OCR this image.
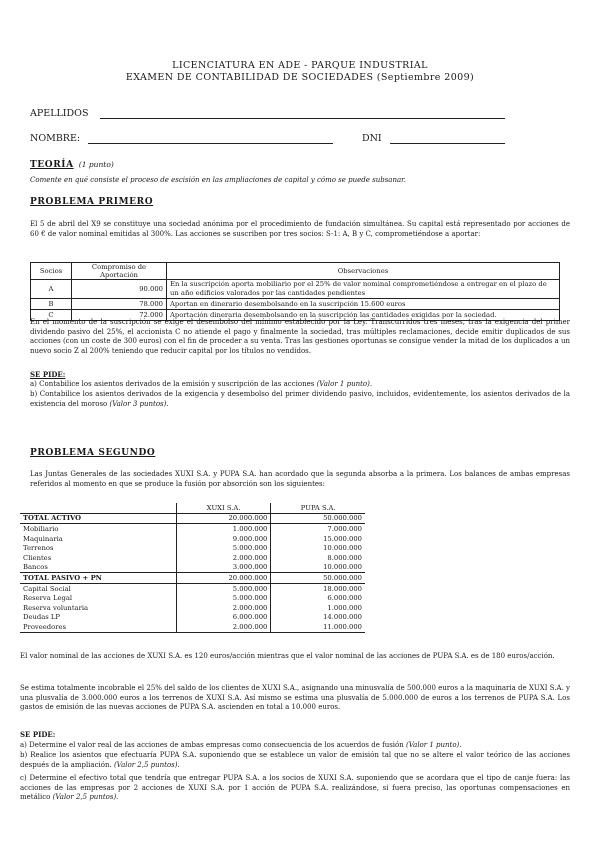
LICENCIATURA EN ADE - PARQUE INDUSTRIAL
EXAMEN DE CONTABILIDAD DE SOCIEDADES (Septiembre 2009)
APELLIDOS
NOMBRE:	DNI
TEORÍA (1 punto)
Comente en qué consiste el proceso de escisión en las ampliaciones de capital y cómo se puede subsanar.
PROBLEMA PRIMERO
El 5 de abril del X9 se constituye una sociedad anónima por el procedimiento de fundación simultánea. Su capital está representado por acciones de 60 € de valor nominal emitidas al 300%. Las acciones se suscriben por tres socios: S-1: A, B y C, comprometiéndose a aportar:
Socios	Compromiso de Aportación	Observaciones
A	90.000	En la suscripción aporta mobiliario por el 25% de valor nominal comprometiéndose a entregar en el plazo de un año edificios valorados por las cantidades pendientes
B	78.000	Aportan en dinerario desembolsando en la suscripción 15.600 euros
C	72.000	Aportación dineraria desembolsando en la suscripción las cantidades exigidas por la sociedad.
En el momento de la suscripción se exige el desembolso del mínimo establecido por la Ley. Transcurridos tres meses, tras la exigencia del primer dividendo pasivo del 25%, el accionista C no atiende el pago y finalmente la sociedad, tras múltiples reclamaciones, decide emitir duplicados de sus acciones (con un coste de 300 euros) con el fin de proceder a su venta. Tras las gestiones oportunas se consigue vender la mitad de los duplicados a un nuevo socio Z al 200% teniendo que reducir capital por los títulos no vendidos.
SE PIDE:
a) Contabilice los asientos derivados de la emisión y suscripción de las acciones (Valor 1 punto).
b) Contabilice los asientos derivados de la exigencia y desembolso del primer dividendo pasivo, incluidos, evidentemente, los asientos derivados de la existencia del moroso (Valor 3 puntos).
PROBLEMA SEGUNDO
Las Juntas Generales de las sociedades XUXI S.A. y PUPA S.A. han acordado que la segunda absorba a la primera. Los balances de ambas empresas referidos al momento en que se produce la fusión por absorción son los siguientes:
	XUXI S.A.	PUPA S.A.
TOTAL ACTIVO	20.000.000	50.000.000
Mobiliario	1.000.000	7.000.000
Maquinaria	9.000.000	15.000.000
Terrenos	5.000.000	10.000.000
Clientes	2.000.000	8.000.000
Bancos	3.000.000	10.000.000
TOTAL PASIVO + PN	20.000.000	50.000.000
Capital Social	5.000.000	18.000.000
Reserva Legal	5.000.000	6.000.000
Reserva voluntaria	2.000.000	1.000.000
Deudas LP	6.000.000	14.000.000
Proveedores	2.000.000	11.000.000
El valor nominal de las acciones de XUXI S.A. es 120 euros/acción mientras que el valor nominal de las acciones de PUPA S.A. es de 180 euros/acción.
Se estima totalmente incobrable el 25% del saldo de los clientes de XUXI S.A., asignando una minusvalía de 500.000 euros a la maquinaria de XUXI S.A. y una plusvalía de 3.000.000 euros a los terrenos de XUXI S.A. Así mismo se estima una plusvalía de 5.000.000 de euros a los terrenos de PUPA S.A. Los gastos de emisión de las nuevas acciones de PUPA S.A. ascienden en total a 10.000 euros.
SE PIDE:
a) Determine el valor real de las acciones de ambas empresas como consecuencia de los acuerdos de fusión (Valor 1 punto).
b) Realice los asientos que efectuaría PUPA S.A. suponiendo que se establece un valor de emisión tal que no se altere el valor teórico de las acciones después de la ampliación. (Valor 2,5 puntos).
c) Determine el efectivo total que tendría que entregar PUPA S.A. a los socios de XUXI S.A. suponiendo que se acordara que el tipo de canje fuera: las acciones de las empresas por 2 acciones de XUXI S.A. por 1 acción de PUPA S.A. realizándose, si fuera preciso, las oportunas compensaciones en metálico (Valor 2,5 puntos).
